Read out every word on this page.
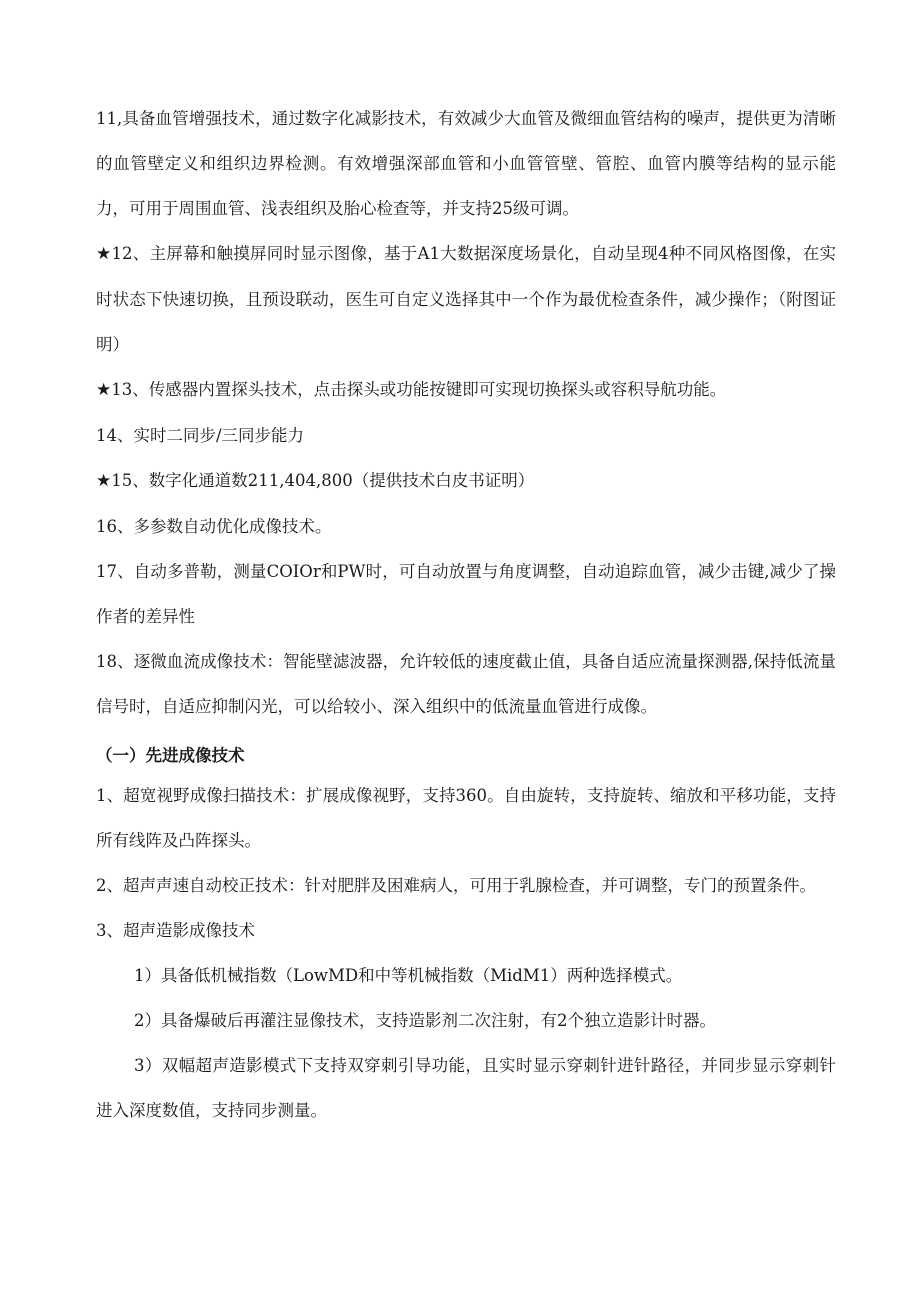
11,具备血管增强技术，通过数字化减影技术，有效减少大血管及微细血管结构的噪声，提供更为清晰的血管壁定义和组织边界检测。有效增强深部血管和小血管管壁、管腔、血管内膜等结构的显示能力，可用于周围血管、浅表组织及胎心检查等，并支持25级可调。

★12、主屏幕和触摸屏同时显示图像，基于A1大数据深度场景化，自动呈现4种不同风格图像，在实时状态下快速切换，且预设联动，医生可自定义选择其中一个作为最优检查条件，减少操作；（附图证明）

★13、传感器内置探头技术，点击探头或功能按键即可实现切换探头或容积导航功能。

14、实时二同步/三同步能力

★15、数字化通道数211,404,800（提供技术白皮书证明）

16、多参数自动优化成像技术。

17、自动多普勒，测量COIOr和PW时，可自动放置与角度调整，自动追踪血管，减少击键,减少了操作者的差异性

18、逐微血流成像技术：智能壁滤波器，允许较低的速度截止值，具备自适应流量探测器,保持低流量信号时，自适应抑制闪光，可以给较小、深入组织中的低流量血管进行成像。

（一）先进成像技术

1、超宽视野成像扫描技术：扩展成像视野，支持360。自由旋转，支持旋转、缩放和平移功能，支持所有线阵及凸阵探头。

2、超声声速自动校正技术：针对肥胖及困难病人，可用于乳腺检查，并可调整，专门的预置条件。

3、超声造影成像技术

1）具备低机械指数（LowMD和中等机械指数（MidM1）两种选择模式。

2）具备爆破后再灌注显像技术，支持造影剂二次注射，有2个独立造影计时器。

3）双幅超声造影模式下支持双穿刺引导功能，且实时显示穿刺针进针路径，并同步显示穿刺针进入深度数值，支持同步测量。
